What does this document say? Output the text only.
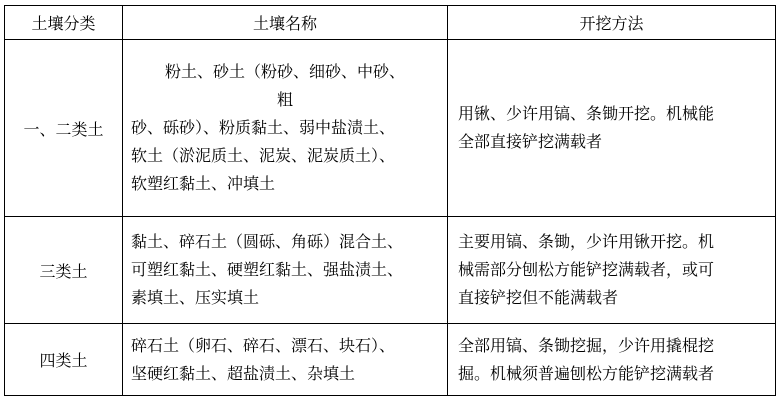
土壤分类	土壤名称	开挖方法
一、二类土	粉土、砂土（粉砂、细砂、中砂、
粗
砂、砾砂）、粉质黏土、弱中盐渍土、
软土（淤泥质土、泥炭、泥炭质土）、
软塑红黏土、冲填土	用锹、少许用镐、条锄开挖。机械能
全部直接铲挖满载者

三类土	黏土、碎石土（圆砾、角砾）混合土、
可塑红黏土、硬塑红黏土、强盐渍土、
素填土、压实填土	主要用镐、条锄，少许用锹开挖。机
械需部分刨松方能铲挖满载者，或可
直接铲挖但不能满载者

四类土	碎石土（卵石、碎石、漂石、块石）、
坚硬红黏土、超盐渍土、杂填土	全部用镐、条锄挖掘，少许用撬棍挖
掘。机械须普遍刨松方能铲挖满载者
